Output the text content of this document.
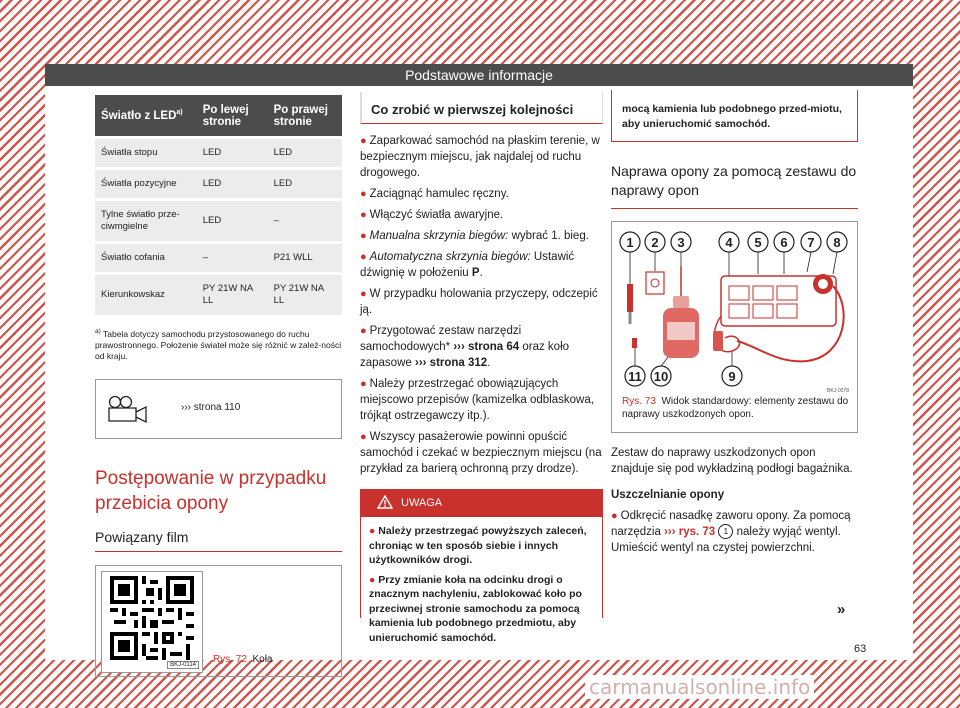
Podstawowe informacje
Światło z LED$^{a)}$	Po lewej stronie	Po prawej stronie
Światła stopu	LED	LED
Światła pozycyjne	LED	LED
Tylne światło prze-ciwmgielne	LED	–
Światło cofania	–	P21 WLL
Kierunkowskaz	PY 21W NA LL	PY 21W NA LL
$^{a)}$ Tabela dotyczy samochodu przystosowanego do ruchu prawostronnego. Położenie świateł może się różnić w zależ-ności od kraju.
››› strona 110
Postępowanie w przypadku przebicia opony
Powiązany film
BKJ-0114	Rys. 72 Koła
Co zrobić w pierwszej kolejności
● Zaparkować samochód na płaskim terenie, w bezpiecznym miejscu, jak najdalej od ruchu drogowego.
● Zaciągnąć hamulec ręczny.
● Włączyć światła awaryjne.
● Manualna skrzynia biegów: wybrać 1. bieg.
● Automatyczna skrzynia biegów: Ustawić dźwignię w położeniu P.
● W przypadku holowania przyczepy, odczepić ją.
● Przygotować zestaw narzędzi samochodowych* ››› strona 64 oraz koło zapasowe ››› strona 312.
● Należy przestrzegać obowiązujących miejscowo przepisów (kamizelka odblaskowa, trójkąt ostrzegawczy itp.).
● Wszyscy pasażerowie powinni opuścić samochód i czekać w bezpiecznym miejscu (na przykład za barierą ochronną przy drodze).
UWAGA
● Należy przestrzegać powyższych zaleceń, chroniąc w ten sposób siebie i innych użytkowników drogi.
● Przy zmianie koła na odcinku drogi o znacznym nachyleniu, zablokować koło po przeciwnej stronie samochodu za pomocą kamienia lub podobnego przedmiotu, aby unieruchomić samochód.
mocą kamienia lub podobnego przed-miotu, aby unieruchomić samochód.
Naprawa opony za pomocą zestawu do naprawy opon
1 2 3	4 5 6 7 8
9
10
11
BKJ-0078
Rys. 73 Widok standardowy: elementy zestawu do naprawy uszkodzonych opon.
Zestaw do naprawy uszkodzonych opon znajduje się pod wykładziną podłogi bagażnika.
Uszczelnianie opony
● Odkręcić nasadkę zaworu opony. Za pomocą narzędzia ››› rys. 73 1 należy wyjąć wentyl. Umieścić wentyl na czystej powierzchni.
»
63
carmanualsonline.info
